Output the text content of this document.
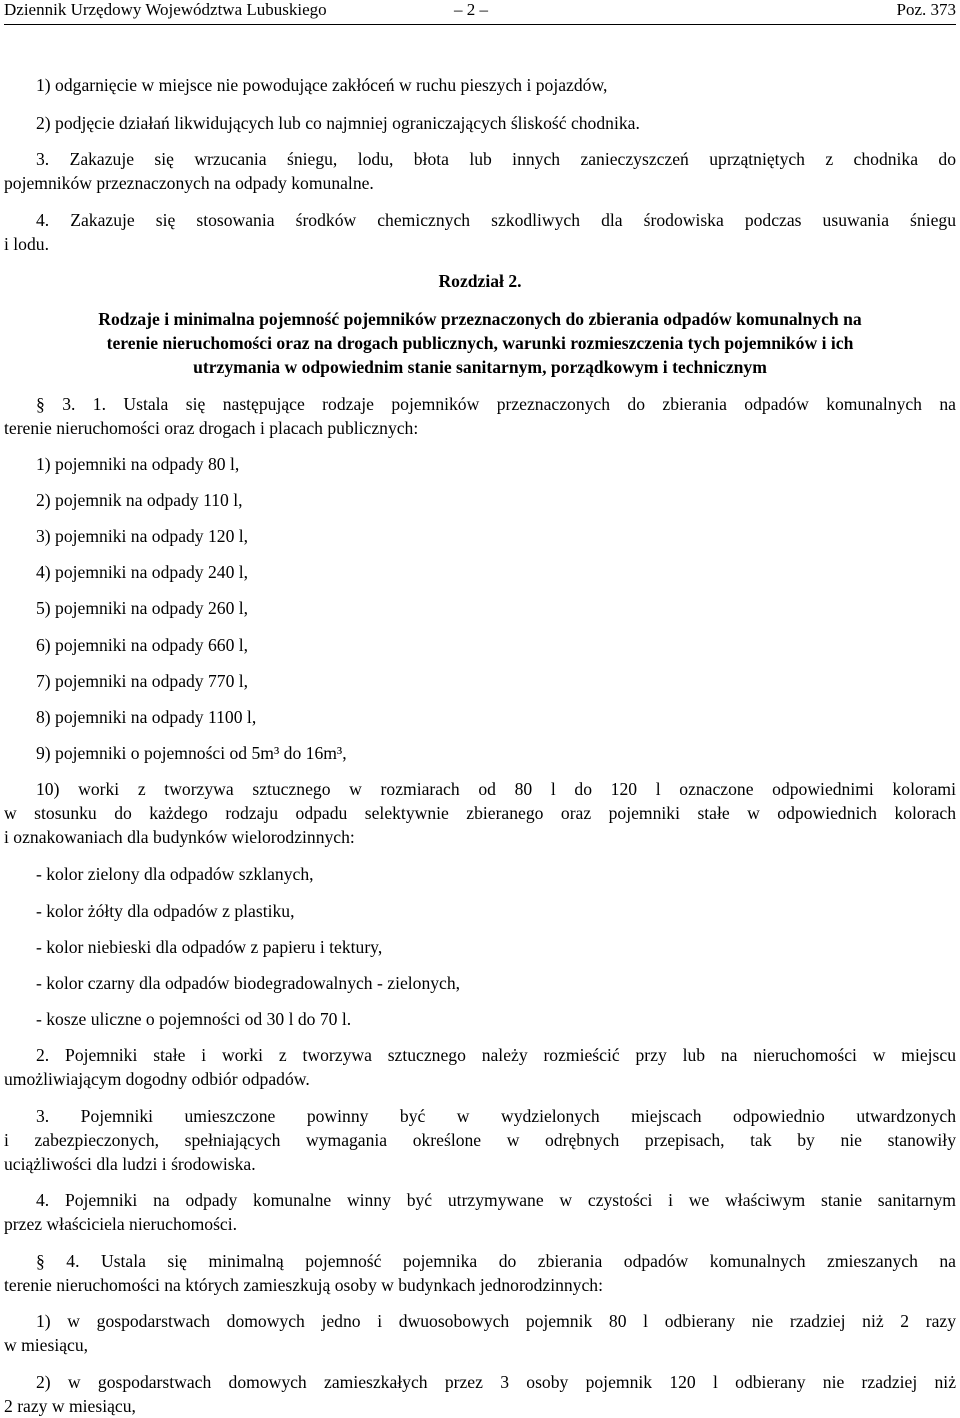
Dziennik Urzędowy Województwa Lubuskiego	– 2 –	Poz. 373
1) odgarnięcie w miejsce nie powodujące zakłóceń w ruchu pieszych i pojazdów,
2) podjęcie działań likwidujących lub co najmniej ograniczających śliskość chodnika.
3. Zakazuje się wrzucania śniegu, lodu, błota lub innych zanieczyszczeń uprzątniętych z chodnika do
pojemników przeznaczonych na odpady komunalne.
4. Zakazuje się stosowania środków chemicznych szkodliwych dla środowiska podczas usuwania śniegu
i lodu.
Rozdział 2.
Rodzaje i minimalna pojemność pojemników przeznaczonych do zbierania odpadów komunalnych na
terenie nieruchomości oraz na drogach publicznych, warunki rozmieszczenia tych pojemników i ich
utrzymania w odpowiednim stanie sanitarnym, porządkowym i technicznym
§ 3. 1. Ustala się następujące rodzaje pojemników przeznaczonych do zbierania odpadów komunalnych na
terenie nieruchomości oraz drogach i placach publicznych:
1) pojemniki na odpady 80 l,
2) pojemnik na odpady 110 l,
3) pojemniki na odpady 120 l,
4) pojemniki na odpady 240 l,
5) pojemniki na odpady 260 l,
6) pojemniki na odpady 660 l,
7) pojemniki na odpady 770 l,
8) pojemniki na odpady 1100 l,
9) pojemniki o pojemności od 5m³ do 16m³,
10) worki z tworzywa sztucznego w rozmiarach od 80 l do 120 l oznaczone odpowiednimi kolorami
w stosunku do każdego rodzaju odpadu selektywnie zbieranego oraz pojemniki stałe w odpowiednich kolorach
i oznakowaniach dla budynków wielorodzinnych:
- kolor zielony dla odpadów szklanych,
- kolor żółty dla odpadów z plastiku,
- kolor niebieski dla odpadów z papieru i tektury,
- kolor czarny dla odpadów biodegradowalnych - zielonych,
- kosze uliczne o pojemności od 30 l do 70 l.
2. Pojemniki stałe i worki z tworzywa sztucznego należy rozmieścić przy lub na nieruchomości w miejscu
umożliwiającym dogodny odbiór odpadów.
3. Pojemniki umieszczone powinny być w wydzielonych miejscach odpowiednio utwardzonych
i zabezpieczonych, spełniających wymagania określone w odrębnych przepisach, tak by nie stanowiły
uciążliwości dla ludzi i środowiska.
4. Pojemniki na odpady komunalne winny być utrzymywane w czystości i we właściwym stanie sanitarnym
przez właściciela nieruchomości.
§ 4. Ustala się minimalną pojemność pojemnika do zbierania odpadów komunalnych zmieszanych na
terenie nieruchomości na których zamieszkują osoby w budynkach jednorodzinnych:
1) w gospodarstwach domowych jedno i dwuosobowych pojemnik 80 l odbierany nie rzadziej niż 2 razy
w miesiącu,
2) w gospodarstwach domowych zamieszkałych przez 3 osoby pojemnik 120 l odbierany nie rzadziej niż
2 razy w miesiącu,
